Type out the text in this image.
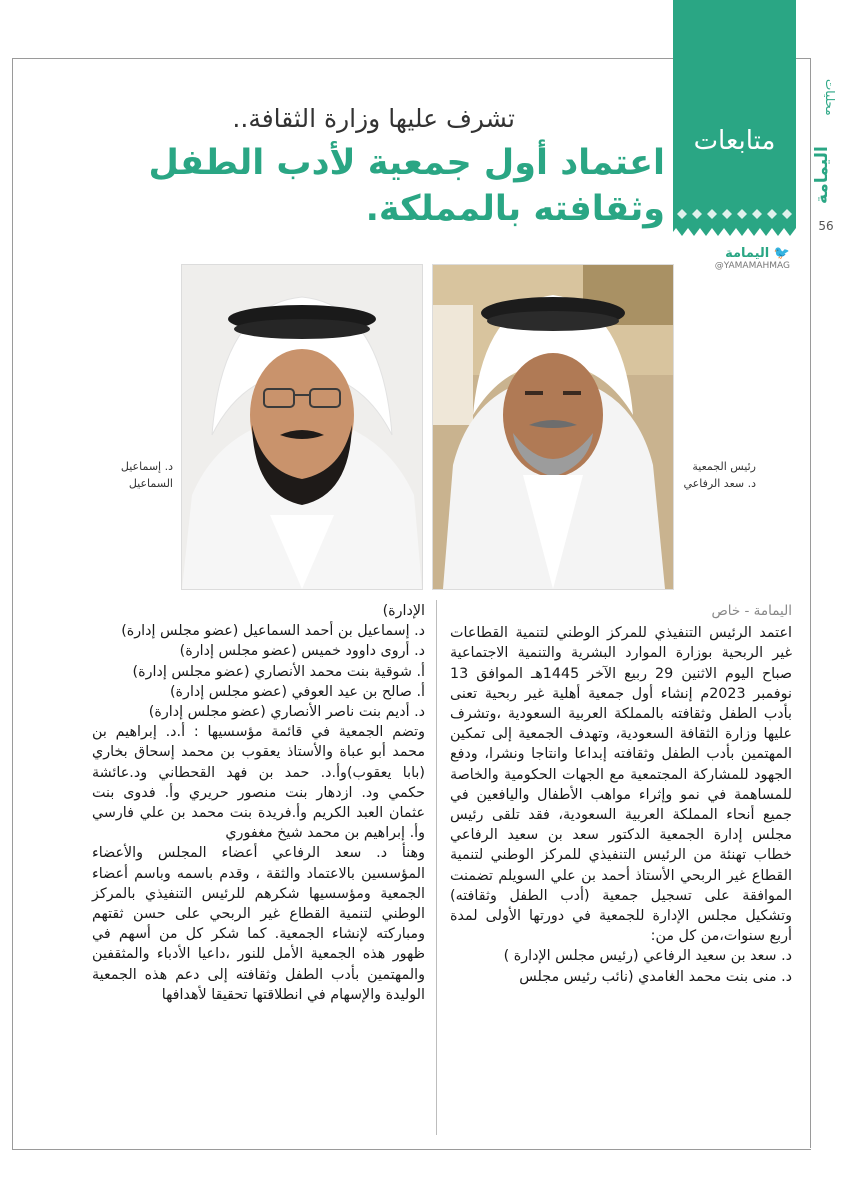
محليات
اليمامة
56
متابعات
تشرف عليها وزارة الثقافة..
اعتماد أول جمعية لأدب الطفل وثقافته بالمملكة.
اليمامة 🐦
@YAMAMAHMAG
رئيس الجمعية
د. سعد الرفاعي
د. إسماعيل
السماعيل
اليمامة - خاص

اعتمد الرئيس التنفيذي للمركز الوطني لتنمية القطاعات غير الربحية بوزارة الموارد البشرية والتنمية الاجتماعية صباح اليوم الاثنين 29 ربيع الآخر 1445هـ الموافق 13 نوفمبر 2023م إنشاء أول جمعية أهلية غير ربحية تعنى بأدب الطفل وثقافته بالمملكة العربية السعودية ،وتشرف عليها وزارة الثقافة السعودية، وتهدف الجمعية إلى تمكين المهتمين بأدب الطفل وثقافته إبداعا وانتاجا ونشرا، ودفع الجهود للمشاركة المجتمعية مع الجهات الحكومية والخاصة للمساهمة في نمو وإثراء مواهب الأطفال واليافعين في جميع أنحاء المملكة العربية السعودية، فقد تلقى رئيس مجلس إدارة الجمعية الدكتور سعد بن سعيد الرفاعي خطاب تهنئة من الرئيس التنفيذي للمركز الوطني لتنمية القطاع غير الربحي الأستاذ أحمد بن علي السويلم تضمنت الموافقة على تسجيل جمعية (أدب الطفل وثقافته) وتشكيل مجلس الإدارة للجمعية في دورتها الأولى لمدة أربع سنوات،من كل من:

د. سعد بن سعيد الرفاعي (رئيس مجلس الإدارة )

د. منى بنت محمد الغامدي (نائب رئيس مجلس

الإدارة)

د. إسماعيل بن أحمد السماعيل (عضو مجلس إدارة)

د. أروى داوود خميس (عضو مجلس إدارة)

أ. شوقية بنت محمد الأنصاري (عضو مجلس إدارة)

أ. صالح بن عيد العوفي (عضو مجلس إدارة)

د. أديم بنت ناصر الأنصاري (عضو مجلس إدارة)

وتضم الجمعية في قائمة مؤسسيها : أ.د. إبراهيم بن محمد أبو عباة والأستاذ يعقوب بن محمد إسحاق بخاري (بابا يعقوب)وأ.د. حمد بن فهد القحطاني ود.عائشة حكمي ود. ازدهار بنت منصور حريري وأ. فدوى بنت عثمان العبد الكريم وأ.فريدة بنت محمد بن علي فارسي وأ. إبراهيم بن محمد شيخ مغفوري

وهنأ د. سعد الرفاعي أعضاء المجلس والأعضاء المؤسسين بالاعتماد والثقة ، وقدم باسمه وباسم أعضاء الجمعية ومؤسسيها شكرهم للرئيس التنفيذي بالمركز الوطني لتنمية القطاع غير الربحي على حسن ثقتهم ومباركته لإنشاء الجمعية. كما شكر كل من أسهم في ظهور هذه الجمعية الأمل للنور ،داعيا الأدباء والمثقفين والمهتمين بأدب الطفل وثقافته إلى دعم هذه الجمعية الوليدة والإسهام في انطلاقتها تحقيقا لأهدافها
